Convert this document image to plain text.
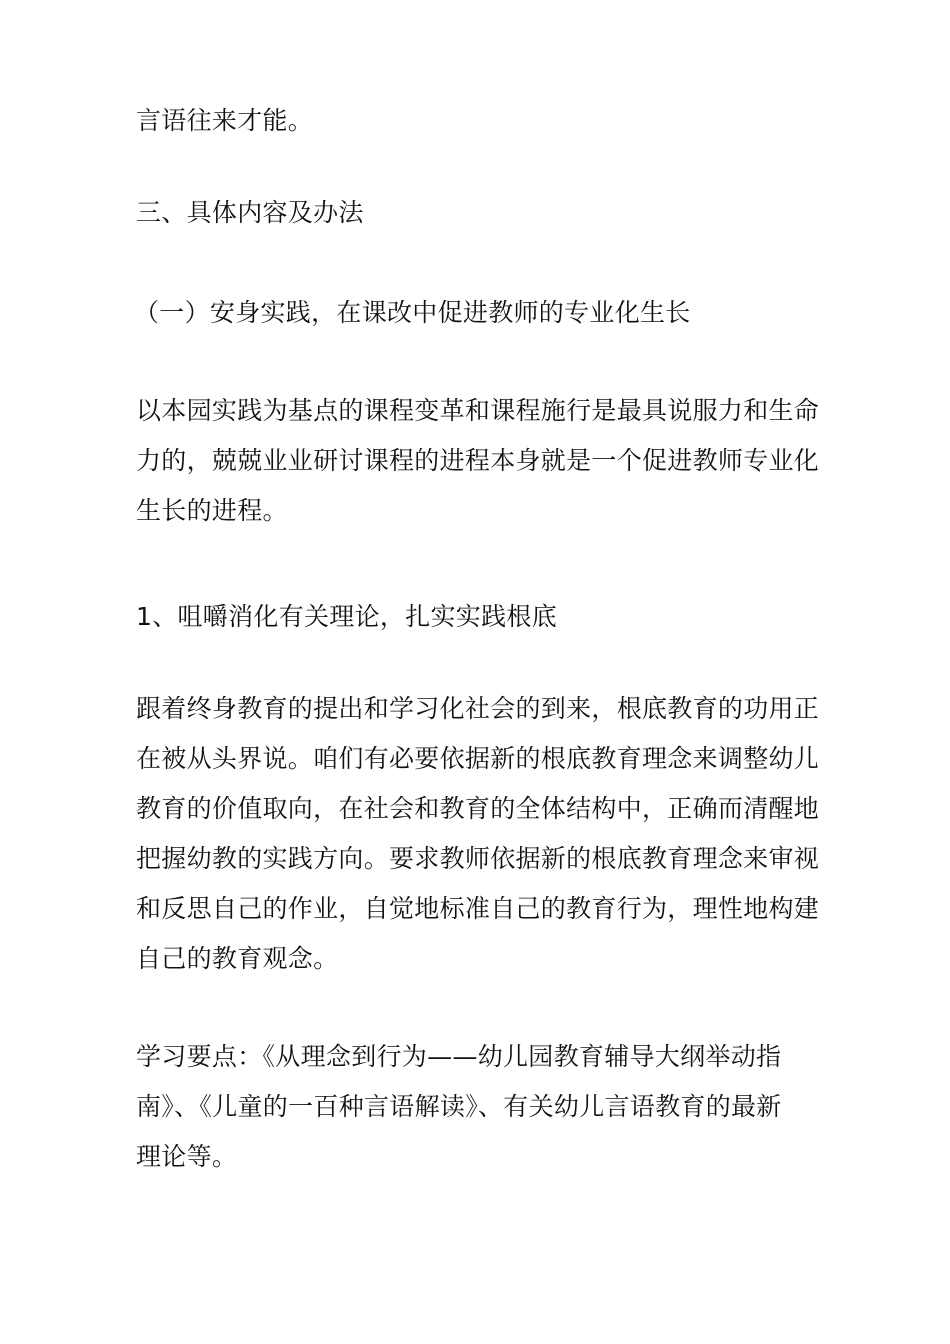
言语往来才能。
三、具体内容及办法
（一）安身实践，在课改中促进教师的专业化生长
以本园实践为基点的课程变革和课程施行是最具说服力和生命
力的，兢兢业业研讨课程的进程本身就是一个促进教师专业化
生长的进程。
1、咀嚼消化有关理论，扎实实践根底
跟着终身教育的提出和学习化社会的到来，根底教育的功用正
在被从头界说。咱们有必要依据新的根底教育理念来调整幼儿
教育的价值取向，在社会和教育的全体结构中，正确而清醒地
把握幼教的实践方向。要求教师依据新的根底教育理念来审视
和反思自己的作业，自觉地标准自己的教育行为，理性地构建
自己的教育观念。
学习要点：《从理念到行为——幼儿园教育辅导大纲举动指
南》、《儿童的一百种言语解读》、有关幼儿言语教育的最新
理论等。
